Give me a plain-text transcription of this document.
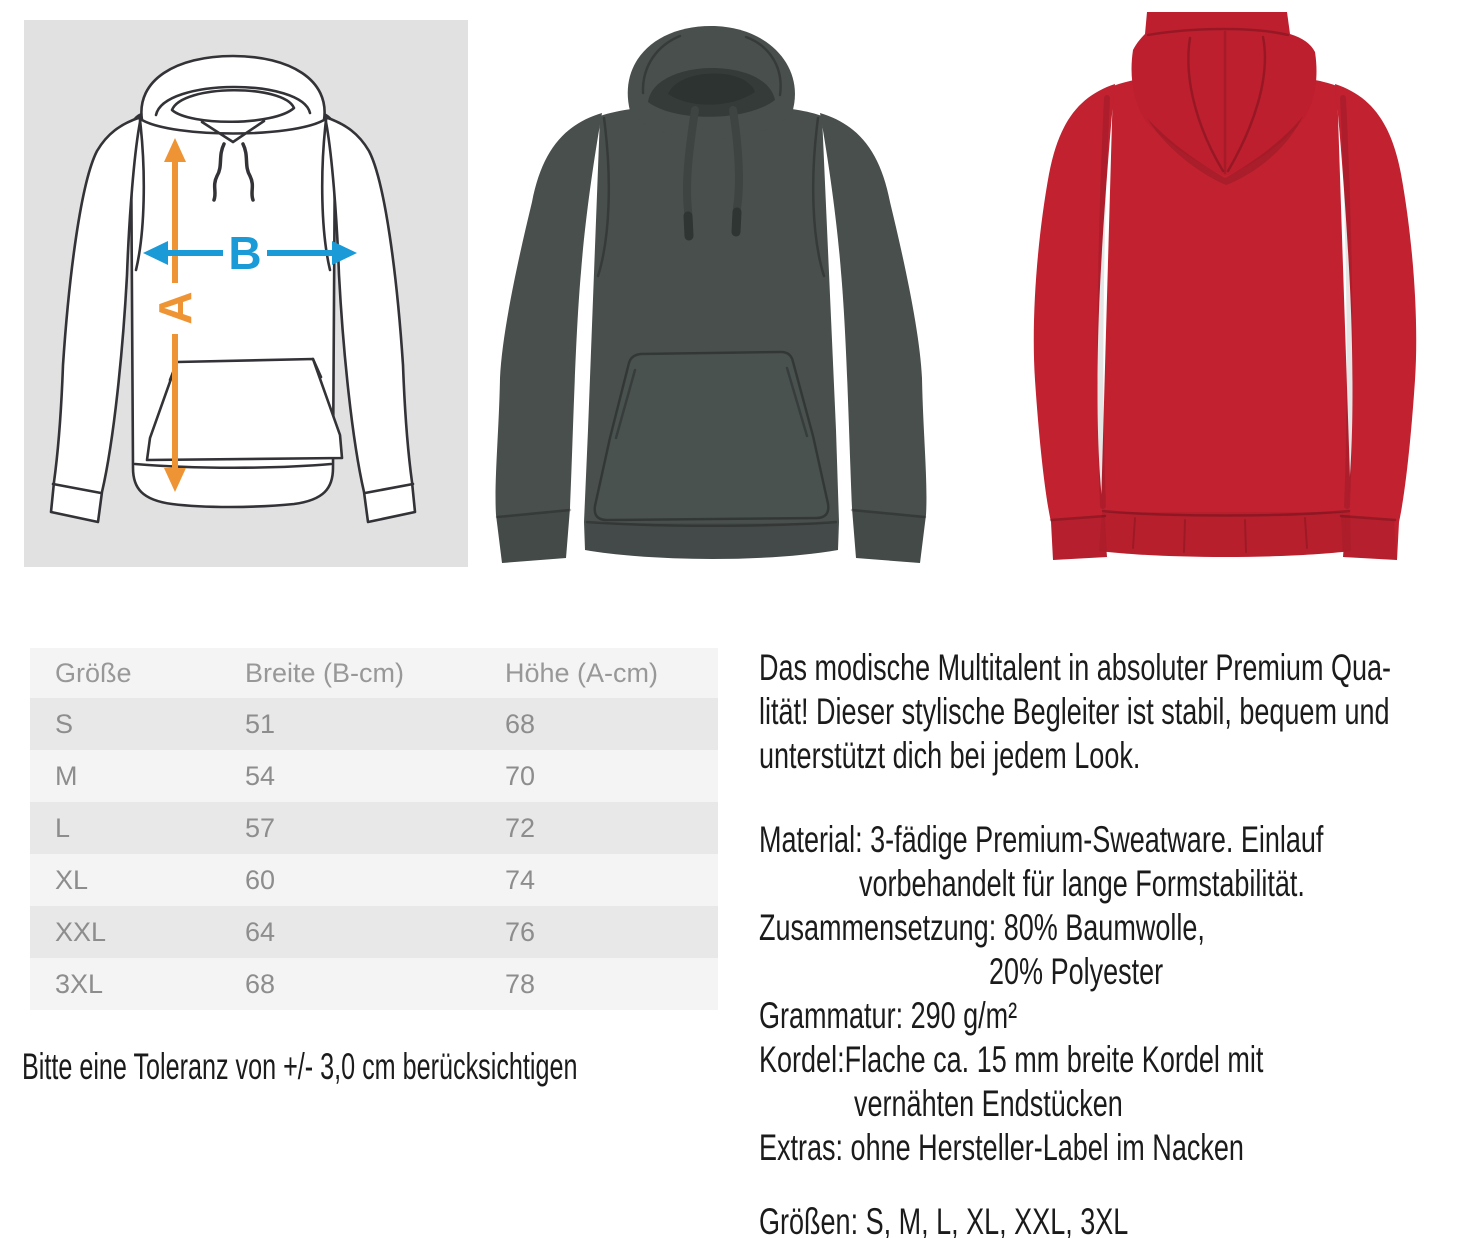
A
B
Größe	Breite (B-cm)	Höhe (A-cm)
S	51	68
M	54	70
L	57	72
XL	60	74
XXL	64	76
3XL	68	78
Bitte eine Toleranz von +/- 3,0 cm berücksichtigen
Das modische Multitalent in absoluter Premium Qua-
lität! Dieser stylische Begleiter ist stabil, bequem und
unterstützt dich bei jedem Look.
Material: 3-fädige Premium-Sweatware. Einlauf
vorbehandelt für lange Formstabilität.
Zusammensetzung: 80% Baumwolle,
20% Polyester
Grammatur: 290 g/m²
Kordel:Flache ca. 15 mm breite Kordel mit
vernähten Endstücken
Extras: ohne Hersteller-Label im Nacken
Größen: S, M, L, XL, XXL, 3XL
